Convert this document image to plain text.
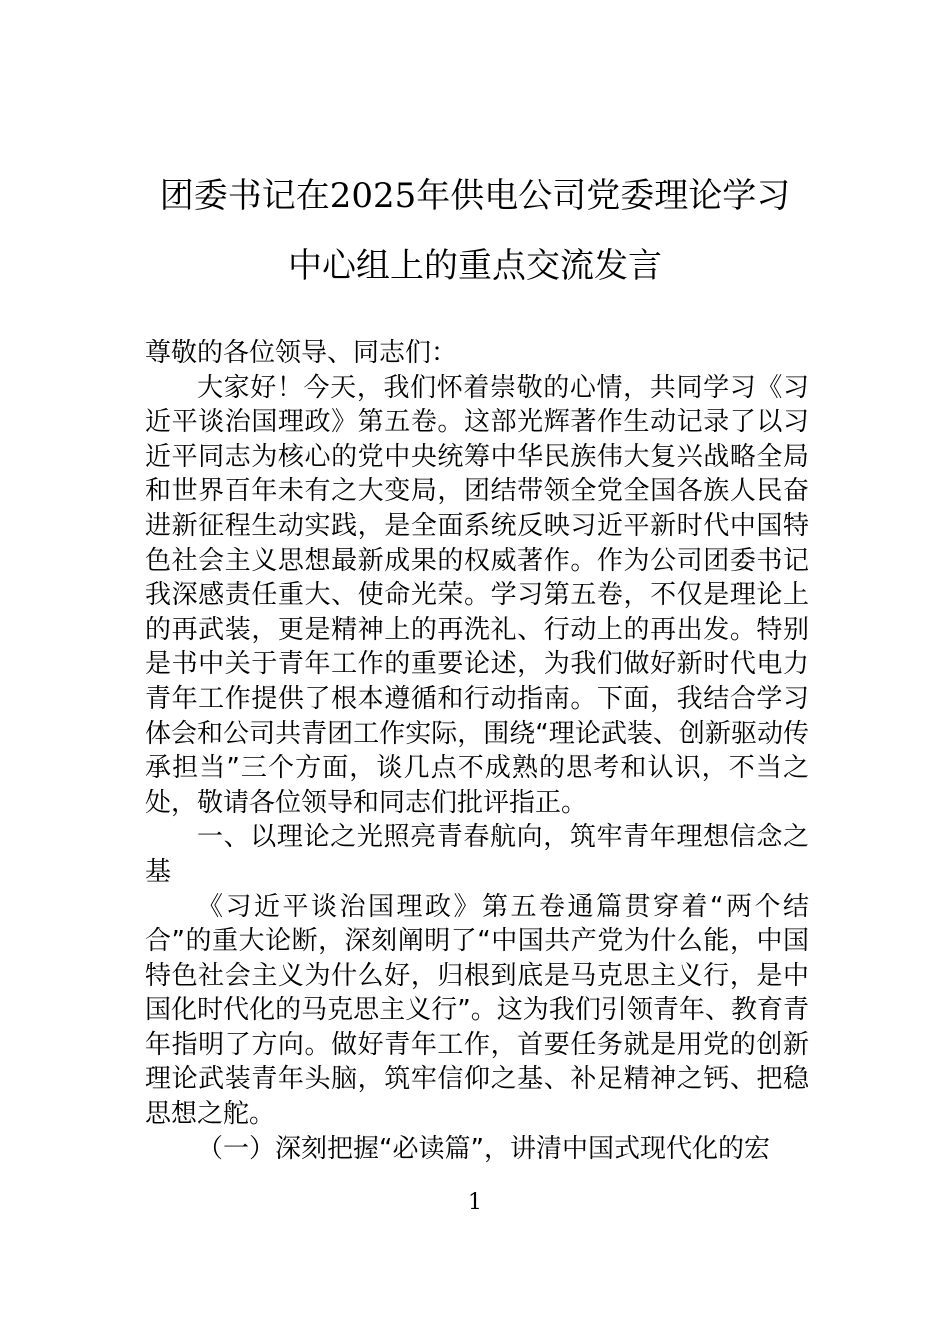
团委书记在2025年供电公司党委理论学习
中心组上的重点交流发言

尊敬的各位领导、同志们：

大家好！今天，我们怀着崇敬的心情，共同学习《习近平谈治国理政》第五卷。这部光辉著作生动记录了以习近平同志为核心的党中央统筹中华民族伟大复兴战略全局和世界百年未有之大变局，团结带领全党全国各族人民奋进新征程生动实践，是全面系统反映习近平新时代中国特色社会主义思想最新成果的权威著作。作为公司团委书记我深感责任重大、使命光荣。学习第五卷，不仅是理论上的再武装，更是精神上的再洗礼、行动上的再出发。特别是书中关于青年工作的重要论述，为我们做好新时代电力青年工作提供了根本遵循和行动指南。下面，我结合学习体会和公司共青团工作实际，围绕“理论武装、创新驱动传承担当”三个方面，谈几点不成熟的思考和认识，不当之处，敬请各位领导和同志们批评指正。

一、以理论之光照亮青春航向，筑牢青年理想信念之基

《习近平谈治国理政》第五卷通篇贯穿着“两个结合”的重大论断，深刻阐明了“中国共产党为什么能，中国特色社会主义为什么好，归根到底是马克思主义行，是中国化时代化的马克思主义行”。这为我们引领青年、教育青年指明了方向。做好青年工作，首要任务就是用党的创新理论武装青年头脑，筑牢信仰之基、补足精神之钙、把稳思想之舵。

（一）深刻把握“必读篇”，讲清中国式现代化的宏

1
